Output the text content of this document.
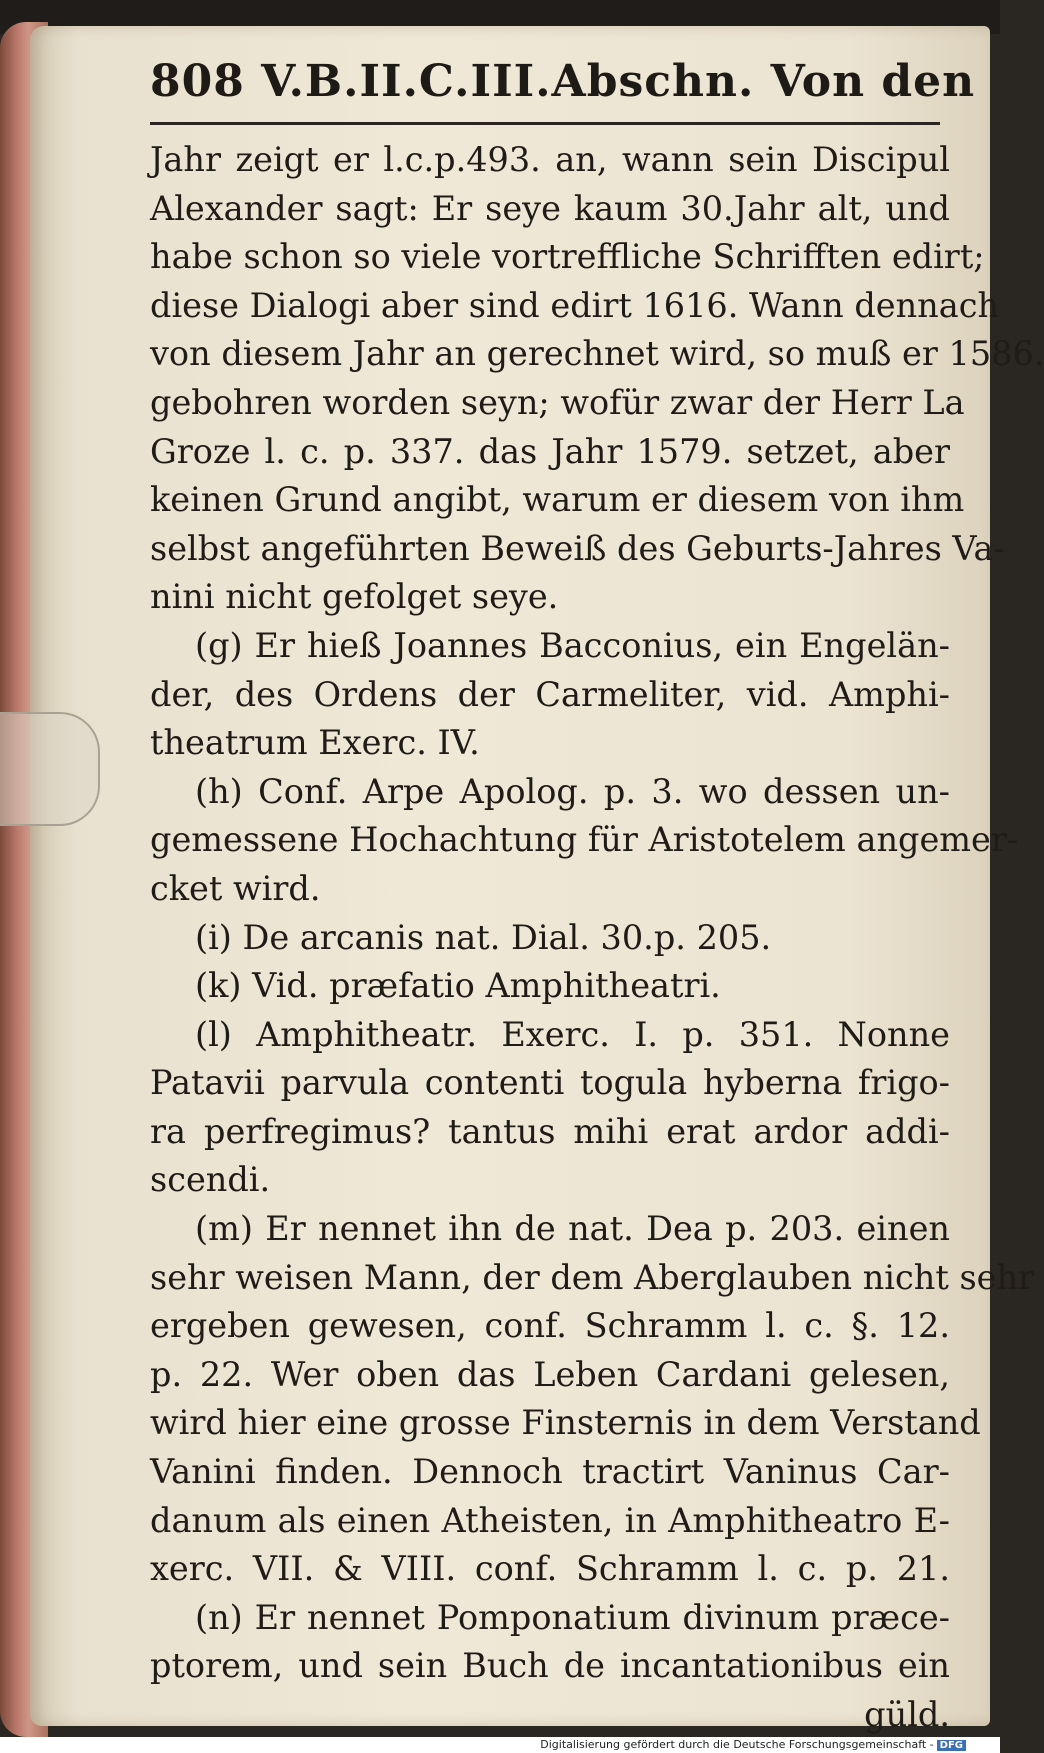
808 V.B.II.C.III.Abschn. Von den
Jahr zeigt er l.c.p.493. an, wann sein Discipul
Alexander sagt: Er seye kaum 30.Jahr alt, und
habe schon so viele vortreffliche Schrifften edirt;
diese Dialogi aber sind edirt 1616. Wann dennach
von diesem Jahr an gerechnet wird, so muß er 1586.
gebohren worden seyn; wofür zwar der Herr La
Groze l. c. p. 337. das Jahr 1579. setzet, aber
keinen Grund angibt, warum er diesem von ihm
selbst angeführten Beweiß des Geburts-Jahres Va-
nini nicht gefolget seye.
(g) Er hieß Joannes Bacconius, ein Engelän-
der, des Ordens der Carmeliter, vid. Amphi-
theatrum Exerc. IV.
(h) Conf. Arpe Apolog. p. 3. wo dessen un-
gemessene Hochachtung für Aristotelem angemer-
cket wird.
(i) De arcanis nat. Dial. 30.p. 205.
(k) Vid. præfatio Amphitheatri.
(l) Amphitheatr. Exerc. I. p. 351. Nonne
Patavii parvula contenti togula hyberna frigo-
ra perfregimus? tantus mihi erat ardor addi-
scendi.
(m) Er nennet ihn de nat. Dea p. 203. einen
sehr weisen Mann, der dem Aberglauben nicht sehr
ergeben gewesen, conf. Schramm l. c. §. 12.
p. 22. Wer oben das Leben Cardani gelesen,
wird hier eine grosse Finsternis in dem Verstand
Vanini finden. Dennoch tractirt Vaninus Car-
danum als einen Atheisten, in Amphitheatro E-
xerc. VII. & VIII. conf. Schramm l. c. p. 21.
(n) Er nennet Pomponatium divinum præce-
ptorem, und sein Buch de incantationibus ein
güld.
Digitalisierung gefördert durch die Deutsche Forschungsgemeinschaft - DFG
